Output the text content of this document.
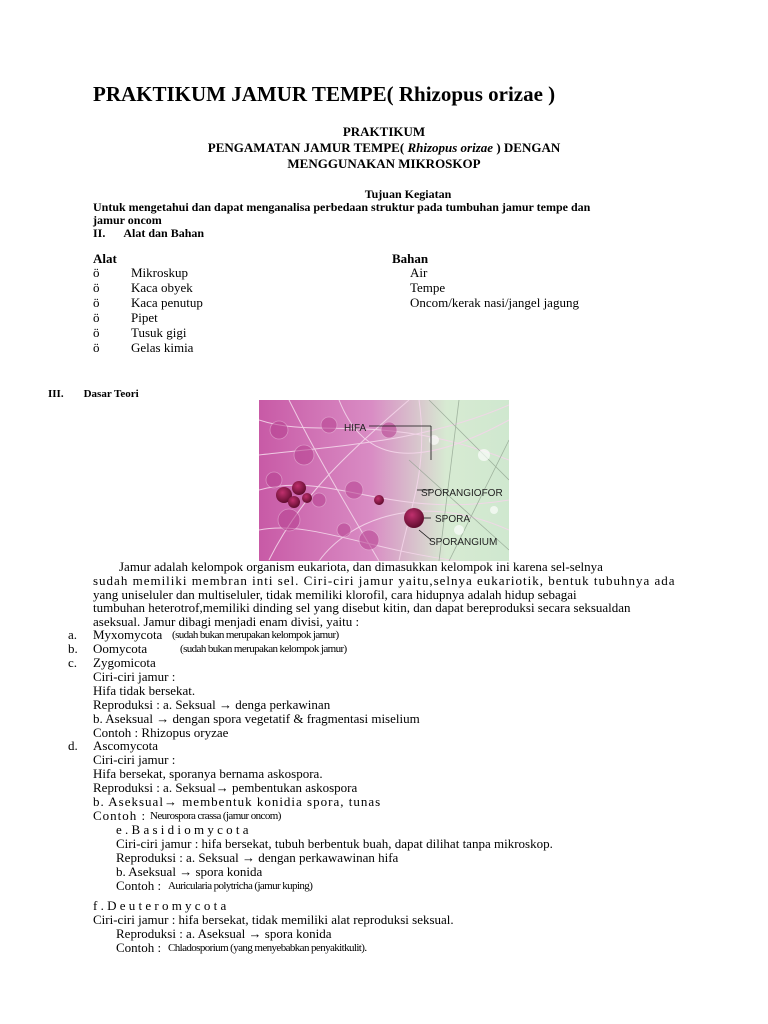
PRAKTIKUM JAMUR TEMPE( Rhizopus orizae )
PRAKTIKUM
PENGAMATAN JAMUR TEMPE( Rhizopus orizae ) DENGAN
MENGGUNAKAN MIKROSKOP
Tujuan Kegiatan
Untuk mengetahui dan dapat menganalisa perbedaan struktur pada tumbuhan jamur tempe dan
jamur oncom
II. Alat dan Bahan
Alat
ö Mikroskup
ö Kaca obyek
ö Kaca penutup
ö Pipet
ö Tusuk gigi
ö Gelas kimia
Bahan
Air
Tempe
Oncom/kerak nasi/jangel jagung
III. Dasar Teori
HIFA
SPORANGIOFOR
SPORA
SPORANGIUM
Jamur adalah kelompok organism eukariota, dan dimasukkan kelompok ini karena sel-selnya
sudah memiliki membran inti sel. Ciri-ciri jamur yaitu,selnya eukariotik, bentuk tubuhnya ada
yang uniseluler dan multiseluler, tidak memiliki klorofil, cara hidupnya adalah hidup sebagai
tumbuhan heterotrof,memiliki dinding sel yang disebut kitin, dan dapat bereproduksi secara seksualdan
aseksual. Jamur dibagi menjadi enam divisi, yaitu :
a. Myxomycota (sudah bukan merupakan kelompok jamur)
b. Oomycota	(sudah bukan merupakan kelompok jamur)
c. Zygomicota
Ciri-ciri jamur :
Hifa tidak bersekat.
Reproduksi : a. Seksual → denga perkawinan
b. Aseksual → dengan spora vegetatif & fragmentasi miselium
Contoh : Rhizopus oryzae
d. Ascomycota
Ciri-ciri jamur :
Hifa bersekat, sporanya bernama askospora.
Reproduksi : a. Seksual→ pembentukan askospora
b. Aseksual→ membentuk konidia spora, tunas
Contoh : Neurospora crassa (jamur oncom)
e . B a s i d i o m y c o t a
Ciri-ciri jamur : hifa bersekat, tubuh berbentuk buah, dapat dilihat tanpa mikroskop.
Reproduksi : a. Seksual → dengan perkawawinan hifa
b. Aseksual → spora konida
Contoh : Auricularia polytricha (jamur kuping)
f . D e u t e r o m y c o t a
Ciri-ciri jamur : hifa bersekat, tidak memiliki alat reproduksi seksual.
Reproduksi : a. Aseksual → spora konida
Contoh : Chladosporium (yang menyebabkan penyakitkulit).
